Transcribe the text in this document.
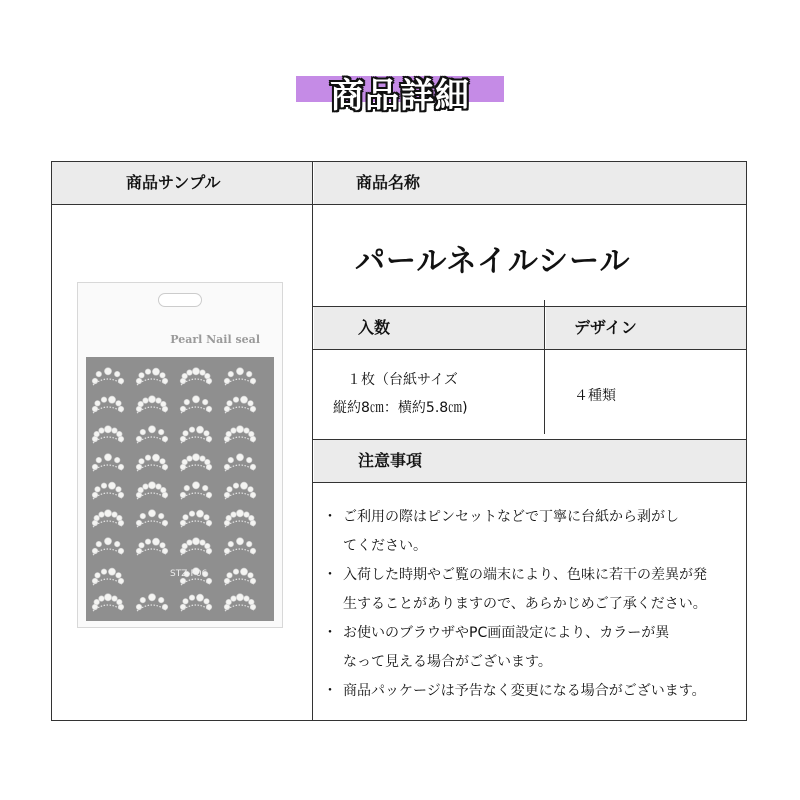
商品詳細
商品サンプル	商品名称
入数	デザイン
注意事項
Pearl Nail seal
STZ-P06
パールネイルシール
１枚（台紙サイズ
縦約8㎝：横約5.8㎝)
４種類
・ ご利用の際はピンセットなどで丁寧に台紙から剥がし
てください。
・ 入荷した時期やご覧の端末により、色味に若干の差異が発
生することがありますので、あらかじめご了承ください。
・ お使いのブラウザやPC画面設定により、カラーが異
なって見える場合がございます。
・ 商品パッケージは予告なく変更になる場合がございます。
